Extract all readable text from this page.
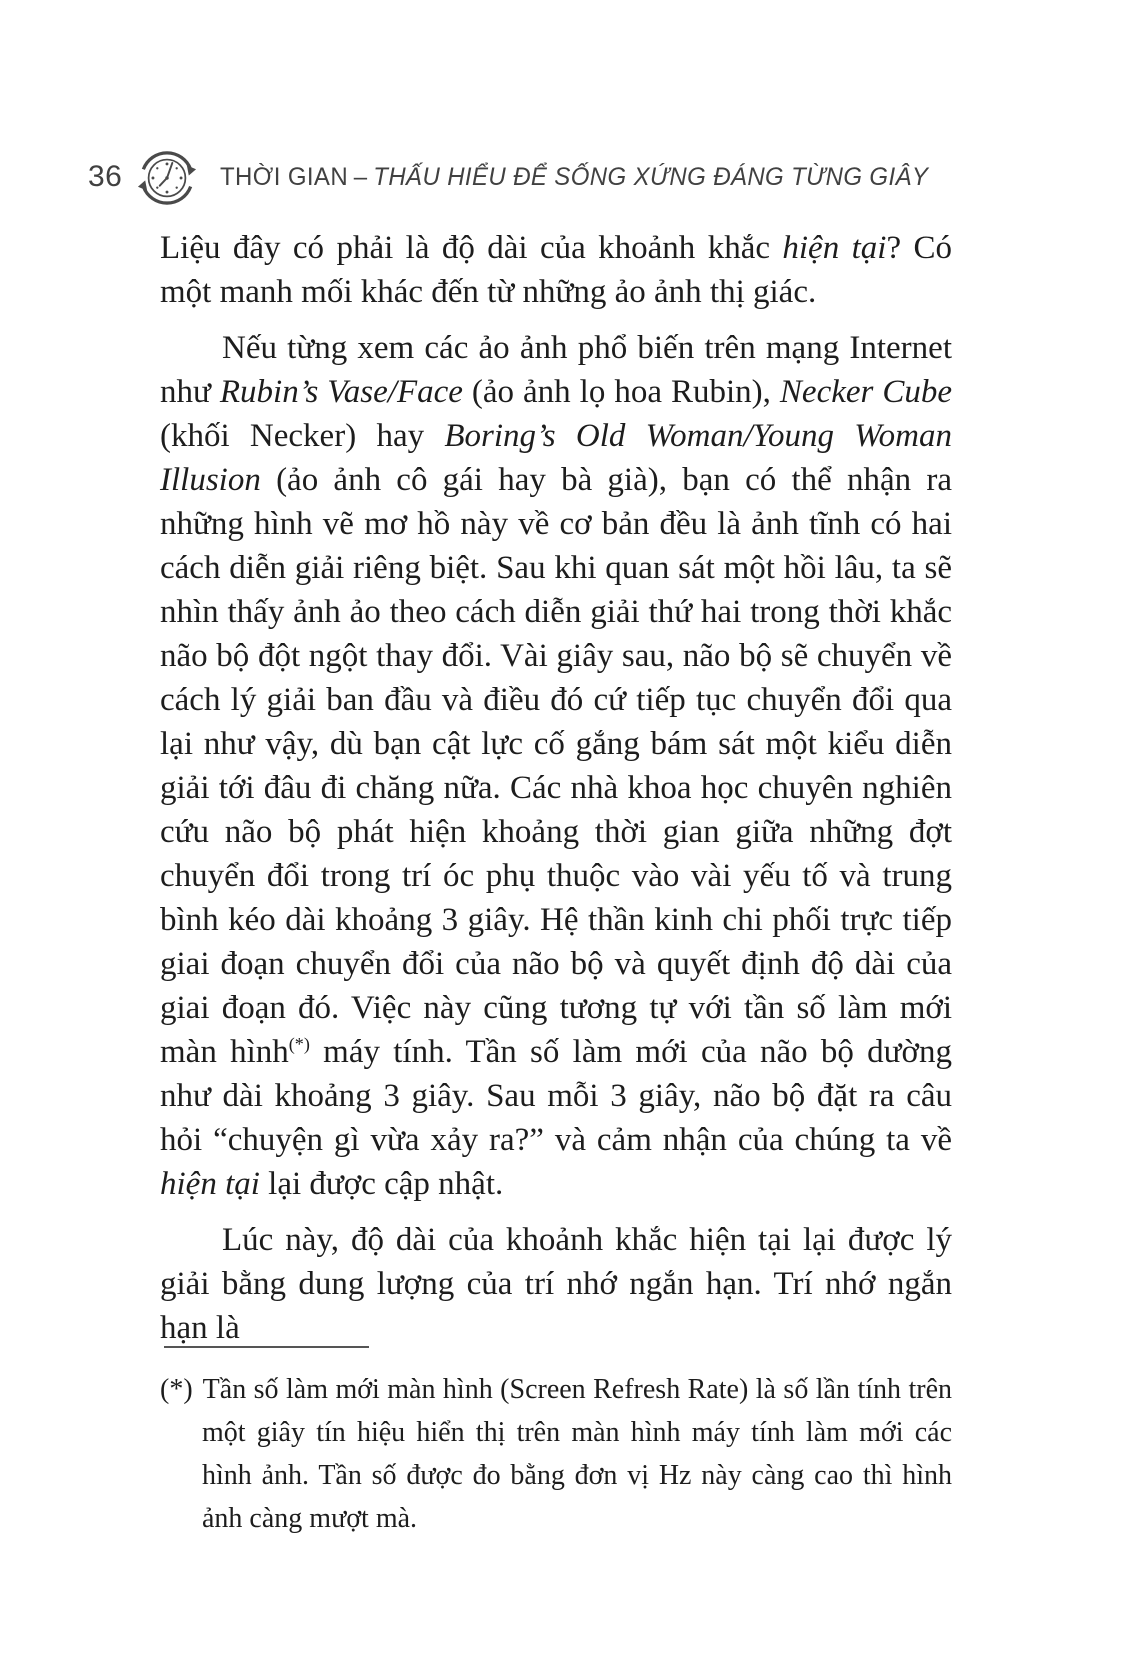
36	THỜI GIAN – THẤU HIỂU ĐỂ SỐNG XỨNG ĐÁNG TỪNG GIÂY

Liệu đây có phải là độ dài của khoảnh khắc hiện tại? Có một manh mối khác đến từ những ảo ảnh thị giác.

Nếu từng xem các ảo ảnh phổ biến trên mạng Internet như Rubin’s Vase/Face (ảo ảnh lọ hoa Rubin), Necker Cube (khối Necker) hay Boring’s Old Woman/Young Woman Illusion (ảo ảnh cô gái hay bà già), bạn có thể nhận ra những hình vẽ mơ hồ này về cơ bản đều là ảnh tĩnh có hai cách diễn giải riêng biệt. Sau khi quan sát một hồi lâu, ta sẽ nhìn thấy ảnh ảo theo cách diễn giải thứ hai trong thời khắc não bộ đột ngột thay đổi. Vài giây sau, não bộ sẽ chuyển về cách lý giải ban đầu và điều đó cứ tiếp tục chuyển đổi qua lại như vậy, dù bạn cật lực cố gắng bám sát một kiểu diễn giải tới đâu đi chăng nữa. Các nhà khoa học chuyên nghiên cứu não bộ phát hiện khoảng thời gian giữa những đợt chuyển đổi trong trí óc phụ thuộc vào vài yếu tố và trung bình kéo dài khoảng 3 giây. Hệ thần kinh chi phối trực tiếp giai đoạn chuyển đổi của não bộ và quyết định độ dài của giai đoạn đó. Việc này cũng tương tự với tần số làm mới màn hình(*) máy tính. Tần số làm mới của não bộ dường như dài khoảng 3 giây. Sau mỗi 3 giây, não bộ đặt ra câu hỏi “chuyện gì vừa xảy ra?” và cảm nhận của chúng ta về hiện tại lại được cập nhật.

Lúc này, độ dài của khoảnh khắc hiện tại lại được lý giải bằng dung lượng của trí nhớ ngắn hạn. Trí nhớ ngắn hạn là

(*) Tần số làm mới màn hình (Screen Refresh Rate) là số lần tính trên một giây tín hiệu hiển thị trên màn hình máy tính làm mới các hình ảnh. Tần số được đo bằng đơn vị Hz này càng cao thì hình ảnh càng mượt mà.
